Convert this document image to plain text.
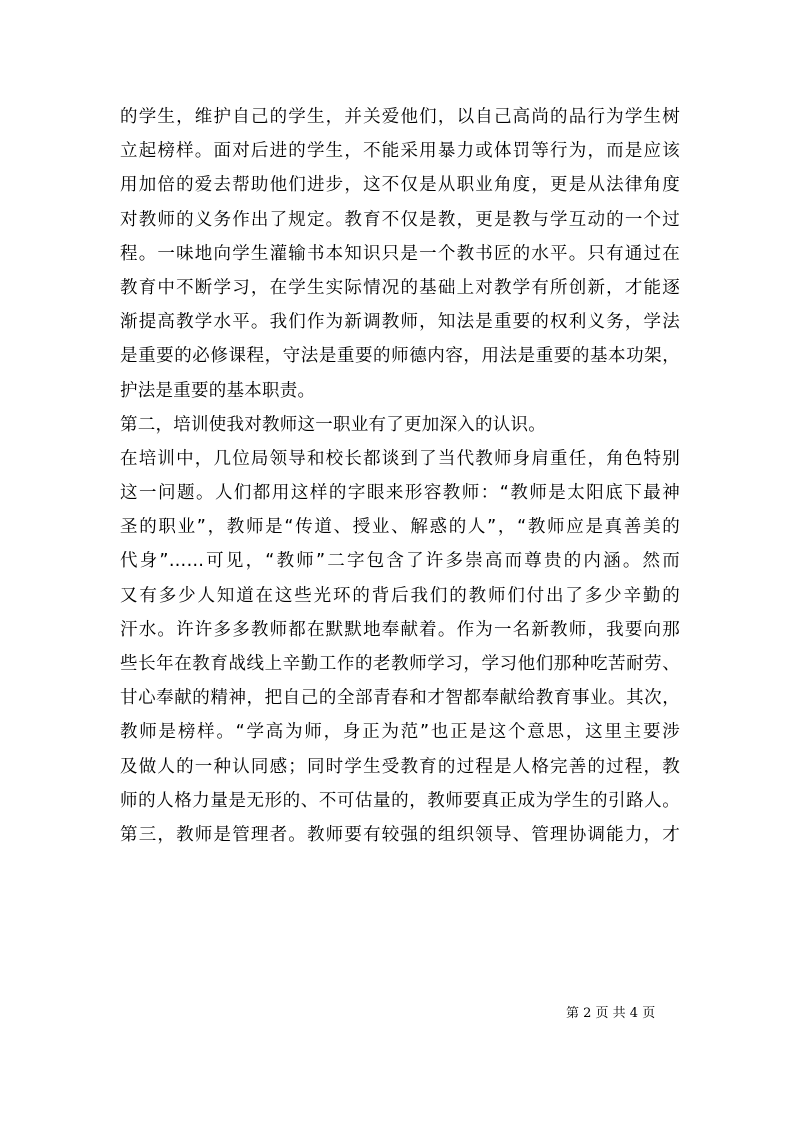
的学生，维护自己的学生，并关爱他们，以自己高尚的品行为学生树
立起榜样。面对后进的学生，不能采用暴力或体罚等行为，而是应该
用加倍的爱去帮助他们进步，这不仅是从职业角度，更是从法律角度
对教师的义务作出了规定。教育不仅是教，更是教与学互动的一个过
程。一味地向学生灌输书本知识只是一个教书匠的水平。只有通过在
教育中不断学习，在学生实际情况的基础上对教学有所创新，才能逐
渐提高教学水平。我们作为新调教师，知法是重要的权利义务，学法
是重要的必修课程，守法是重要的师德内容，用法是重要的基本功架，
护法是重要的基本职责。
第二，培训使我对教师这一职业有了更加深入的认识。
在培训中，几位局领导和校长都谈到了当代教师身肩重任，角色特别
这一问题。人们都用这样的字眼来形容教师：“教师是太阳底下最神
圣的职业”，教师是“传道、授业、解惑的人”，“教师应是真善美的
代身”……可见，“教师”二字包含了许多崇高而尊贵的内涵。然而
又有多少人知道在这些光环的背后我们的教师们付出了多少辛勤的
汗水。许许多多教师都在默默地奉献着。作为一名新教师，我要向那
些长年在教育战线上辛勤工作的老教师学习，学习他们那种吃苦耐劳、
甘心奉献的精神，把自己的全部青春和才智都奉献给教育事业。其次，
教师是榜样。“学高为师，身正为范”也正是这个意思，这里主要涉
及做人的一种认同感；同时学生受教育的过程是人格完善的过程，教
师的人格力量是无形的、不可估量的，教师要真正成为学生的引路人。
第三，教师是管理者。教师要有较强的组织领导、管理协调能力，才
第 2 页 共 4 页
